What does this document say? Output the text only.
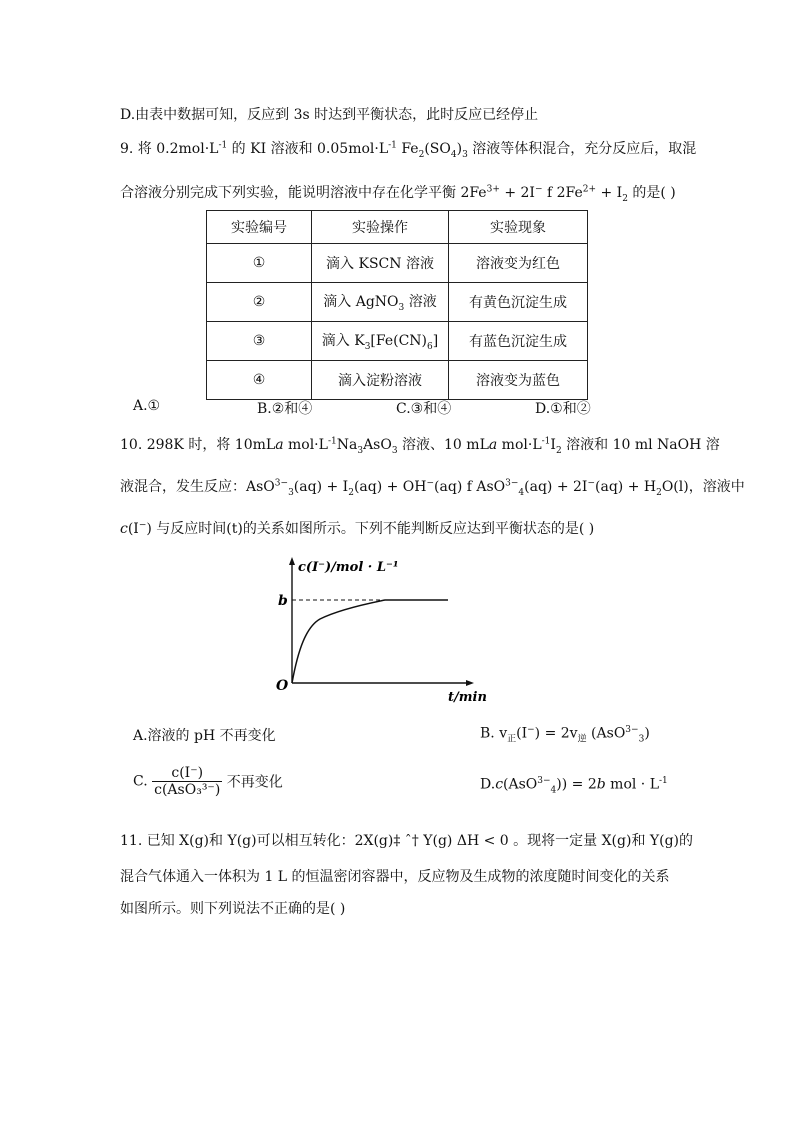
D.由表中数据可知，反应到 3s 时达到平衡状态，此时反应已经停止
9. 将 $0.2mol\cdot L^{-1}$ 的 KI 溶液和 $0.05mol\cdot L^{-1}$ $Fe_2(SO_4)_3$ 溶液等体积混合，充分反应后，取混
合溶液分别完成下列实验，能说明溶液中存在化学平衡 $2Fe^{3+} + 2I^-$ f $2Fe^{2+} + I_2$ 的是( )
实验编号	实验操作	实验现象
①	滴入 KSCN 溶液	溶液变为红色
②	滴入 AgNO$_3$ 溶液	有黄色沉淀生成
③	滴入 $K_3[Fe(CN)_6]$	有蓝色沉淀生成
④	滴入淀粉溶液	溶液变为蓝色
A.①	B.②和④	C.③和④	D.①和②
10. 298K 时，将 10mLa $mol\cdot L^{-1}Na_3AsO_3$ 溶液、10 mLa $mol\cdot L^{-1}I_2$ 溶液和 10 ml NaOH 溶
液混合，发生反应：$AsO^{3-}_3(aq) + I_2(aq) + OH^-(aq)$ f $AsO^{3-}_4(aq) + 2I^-(aq) + H_2O(l)$，溶液中
c(I−) 与反应时间(t)的关系如图所示。下列不能判断反应达到平衡状态的是( )
c(I⁻)/mol · L⁻¹
b
O
t/min
A.溶液的 pH 不再变化	B. $v_正(I^-) = 2v_逆$ (AsO$^{3-}_3$)
C. $\frac{c(I^-)}{\text{c(AsO₃³⁻)}}$ 不再变化	D.c(AsO$^{3-}_4$)) = 2b mol · $L^{-1}$
11. 已知 X(g)和 Y(g)可以相互转化：2X(g)‡ ˆ† Y(g) ΔH < 0 。现将一定量 X(g)和 Y(g)的
混合气体通入一体积为 1 L 的恒温密闭容器中，反应物及生成物的浓度随时间变化的关系
如图所示。则下列说法不正确的是( )
